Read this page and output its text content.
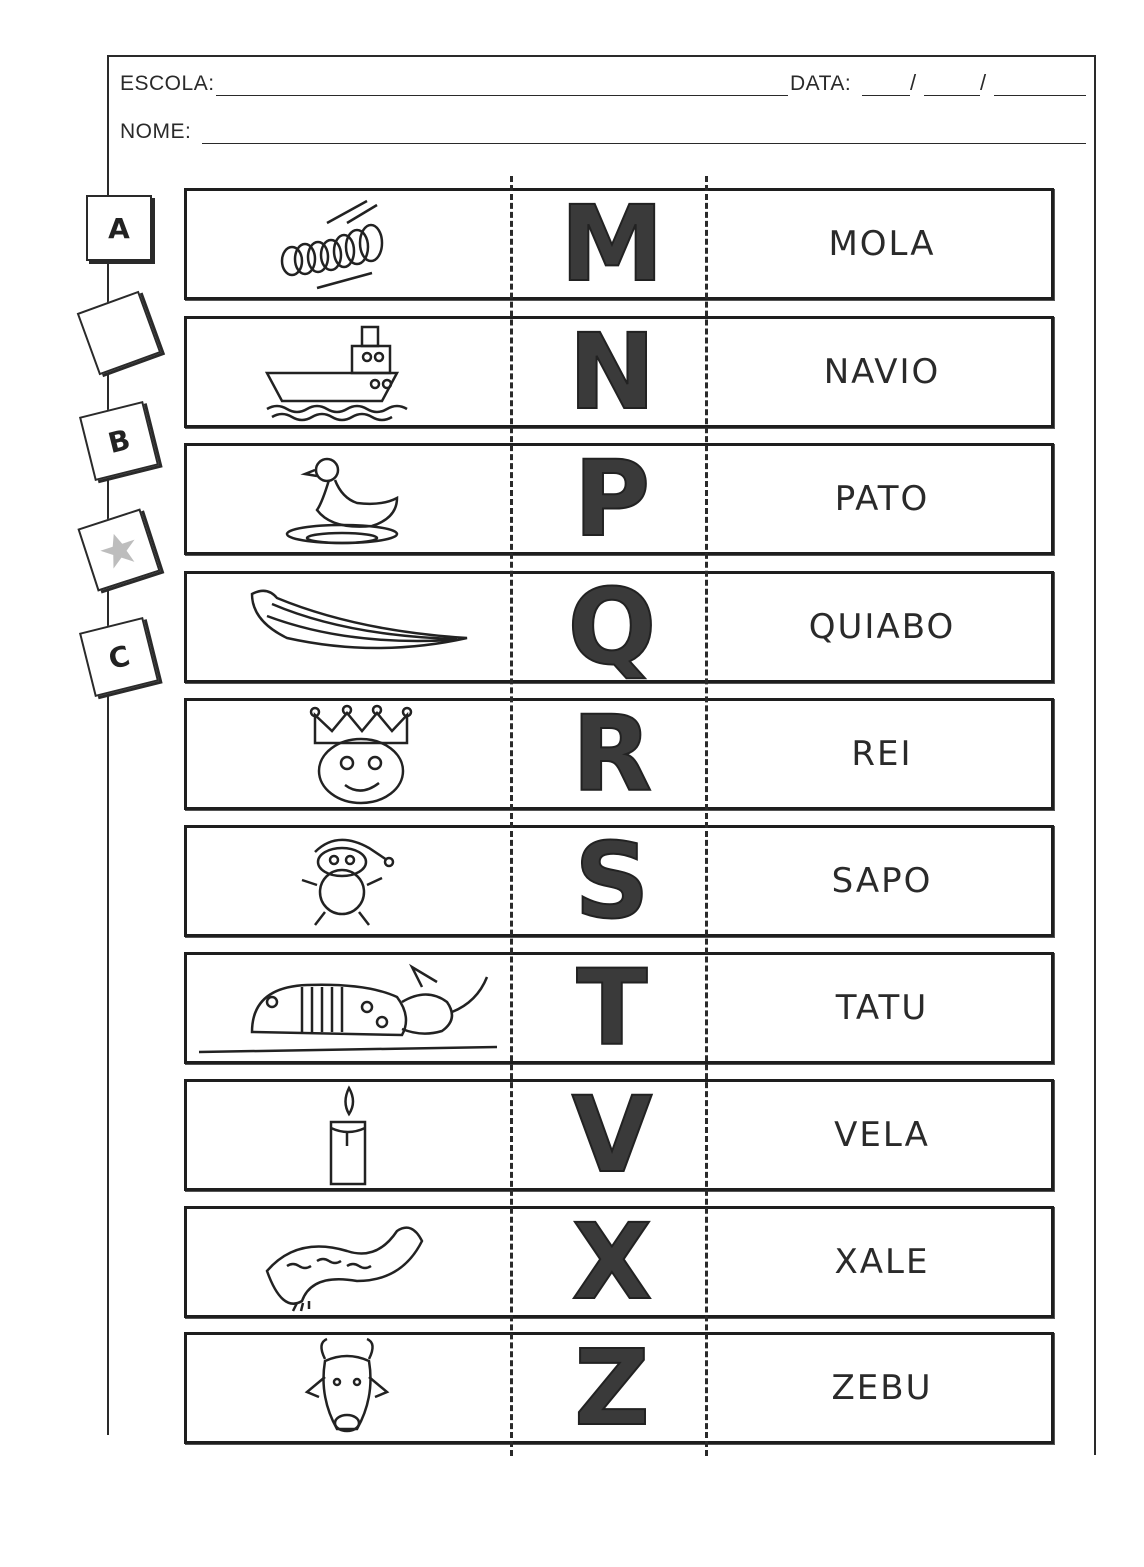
ESCOLA:	DATA:	/	/
NOME:
A
B
C
M	MOLA
N	NAVIO
P	PATO
Q	QUIABO
R	REI
S	SAPO
T	TATU
V	VELA
X	XALE
Z	ZEBU
